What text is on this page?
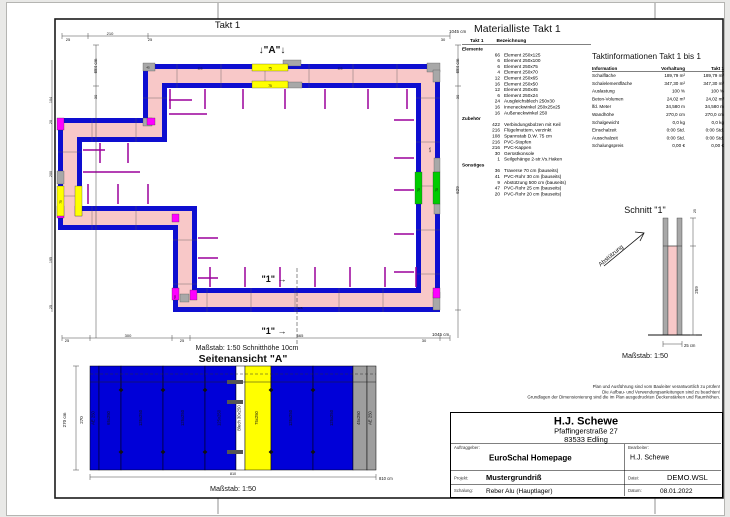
AE 250	65x250	125x250	125x250	125x250	Blech 30x250	75x250	125x250	125x250	45x250 AE 250
↓"A"↓
"1" →
"1" →
Maßstab: 1:50 Schnitthöhe 10cm
25
210
25	30
1045 cm
25
300
25
665
30
1045 cm
684 cm
30
684 cm
30
629
104
20
200
195
25
75
75
75
70	70
125	125
125
125
50
45
Seitenansicht "A"
270 cm	270
810
810 cm
Maßstab: 1:50
Schnitt "1"
Abstützung
259
25
25 cm
Maßstab: 1:50
Takt 1	Materialliste Takt 1
Takt 1 Bezeichnung
Elemente
66 Element 250x125
6 Element 250x100
6 Element 250x75
4 Element 250x70
12 Element 250x65
16 Element 250x50
12 Element 250x45
6 Element 250x24
24 Ausgleichsblech 250x30
16 Inneneckwinkel 250x25x25
16 Außeneckwinkel 250
Zubehör
422 Verbindungsbolzen mit Keil
216 Flügelmuttern, verzinkt
108 Spannstab D.W. 75 cm
216 PVC-Stopfen
216 PVC-Kappen
30 Gerüstkonsole
1 Seilgehänge 2-str.Vs.Haken
Sonstiges
36 Traverse 70 cm (bauseits)
41 PVC-Rohr 30 cm (bauseits)
9 Abstützung 500 cm (bauseits)
47 PVC-Rohr 25 cm (bauseits)
20 PVC-Rohr 20 cm (bauseits)
Taktinformationen Takt 1 bis 1
Information	Vorhaltung	Takt 1
Schalfläche	189,79 m²	189,79 m²
Schalelementfläche	347,30 m²	347,30 m²
Auslastung	100 %	100 %
Beton-Volumen	24,02 m³	24,02 m³
lfd. Meter	34,580 m	34,580 m
Wandhöhe	270,0 cm	270,0 cm
Schalgewicht	0,0 kg	0,0 kg
Einschalzeit	0:00 Std.	0:00 Std.
Ausschalzeit	0:00 Std.	0:00 Std.
Schalungspreis	0,00 €	0,00 €
Plan und Ausführung sind vom Bauleiter verantwortlich zu prüfen!
Die Aufbau- und Verwendungsanleitungen sind zu beachten!
Grundlagen der Dimensionierung sind die im Plan ausgedruckten Deckenstärken und Raumhöhen.
H.J. Schewe
Pfaffingerstraße 27
83533 Edling
Auftraggeber:
EuroSchal Homepage
Projekt:	Mustergrundriß
Schalung:	Reber Alu (Hauptlager)
Bearbeiter:
H.J. Schewe
Datei:	DEMO.WSL
Datum:	08.01.2022
